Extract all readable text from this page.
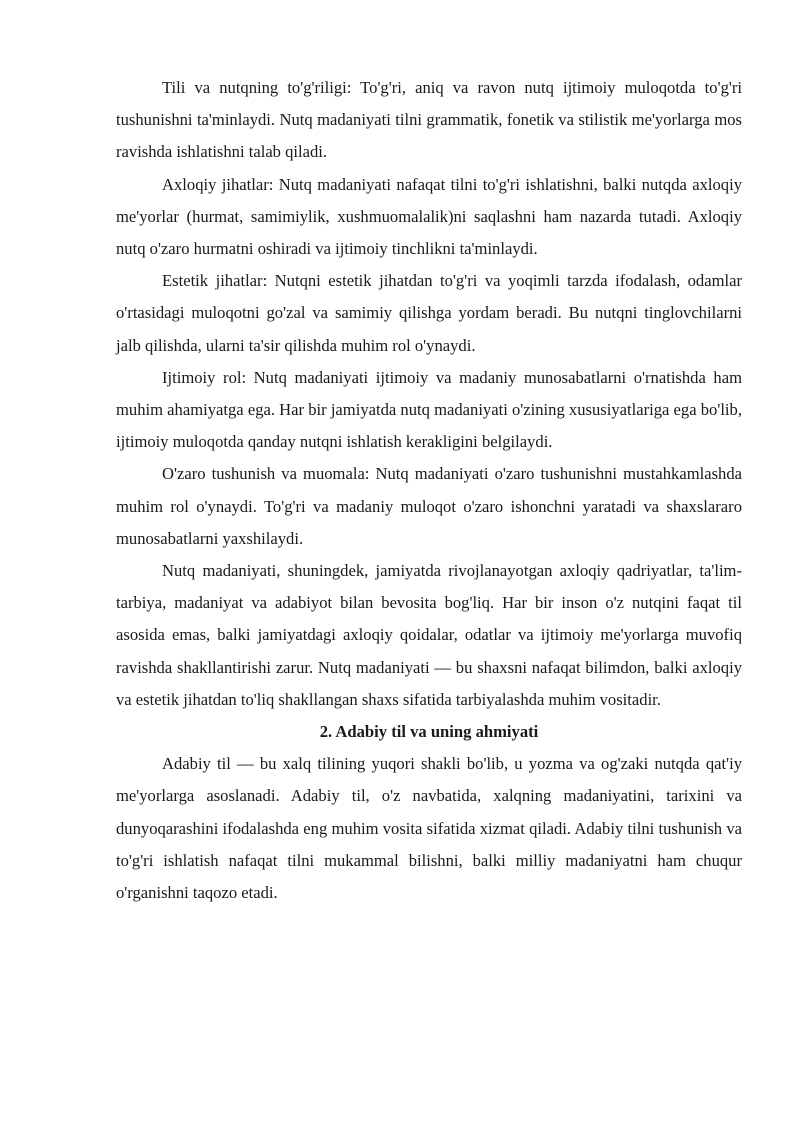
Tili va nutqning to'g'riligi: To'g'ri, aniq va ravon nutq ijtimoiy muloqotda to'g'ri tushunishni ta'minlaydi. Nutq madaniyati tilni grammatik, fonetik va stilistik me'yorlarga mos ravishda ishlatishni talab qiladi.

Axloqiy jihatlar: Nutq madaniyati nafaqat tilni to'g'ri ishlatishni, balki nutqda axloqiy me'yorlar (hurmat, samimiylik, xushmuomalalik)ni saqlashni ham nazarda tutadi. Axloqiy nutq o'zaro hurmatni oshiradi va ijtimoiy tinchlikni ta'minlaydi.

Estetik jihatlar: Nutqni estetik jihatdan to'g'ri va yoqimli tarzda ifodalash, odamlar o'rtasidagi muloqotni go'zal va samimiy qilishga yordam beradi. Bu nutqni tinglovchilarni jalb qilishda, ularni ta'sir qilishda muhim rol o'ynaydi.

Ijtimoiy rol: Nutq madaniyati ijtimoiy va madaniy munosabatlarni o'rnatishda ham muhim ahamiyatga ega. Har bir jamiyatda nutq madaniyati o'zining xususiyatlariga ega bo'lib, ijtimoiy muloqotda qanday nutqni ishlatish kerakligini belgilaydi.

O'zaro tushunish va muomala: Nutq madaniyati o'zaro tushunishni mustahkamlashda muhim rol o'ynaydi. To'g'ri va madaniy muloqot o'zaro ishonchni yaratadi va shaxslararo munosabatlarni yaxshilaydi.

Nutq madaniyati, shuningdek, jamiyatda rivojlanayotgan axloqiy qadriyatlar, ta'lim-tarbiya, madaniyat va adabiyot bilan bevosita bog'liq. Har bir inson o'z nutqini faqat til asosida emas, balki jamiyatdagi axloqiy qoidalar, odatlar va ijtimoiy me'yorlarga muvofiq ravishda shakllantirishi zarur. Nutq madaniyati — bu shaxsni nafaqat bilimdon, balki axloqiy va estetik jihatdan to'liq shakllangan shaxs sifatida tarbiyalashda muhim vositadir.

2. Adabiy til va uning ahmiyati

Adabiy til — bu xalq tilining yuqori shakli bo'lib, u yozma va og'zaki nutqda qat'iy me'yorlarga asoslanadi. Adabiy til, o'z navbatida, xalqning madaniyatini, tarixini va dunyoqarashini ifodalashda eng muhim vosita sifatida xizmat qiladi. Adabiy tilni tushunish va to'g'ri ishlatish nafaqat tilni mukammal bilishni, balki milliy madaniyatni ham chuqur o'rganishni taqozo etadi.
